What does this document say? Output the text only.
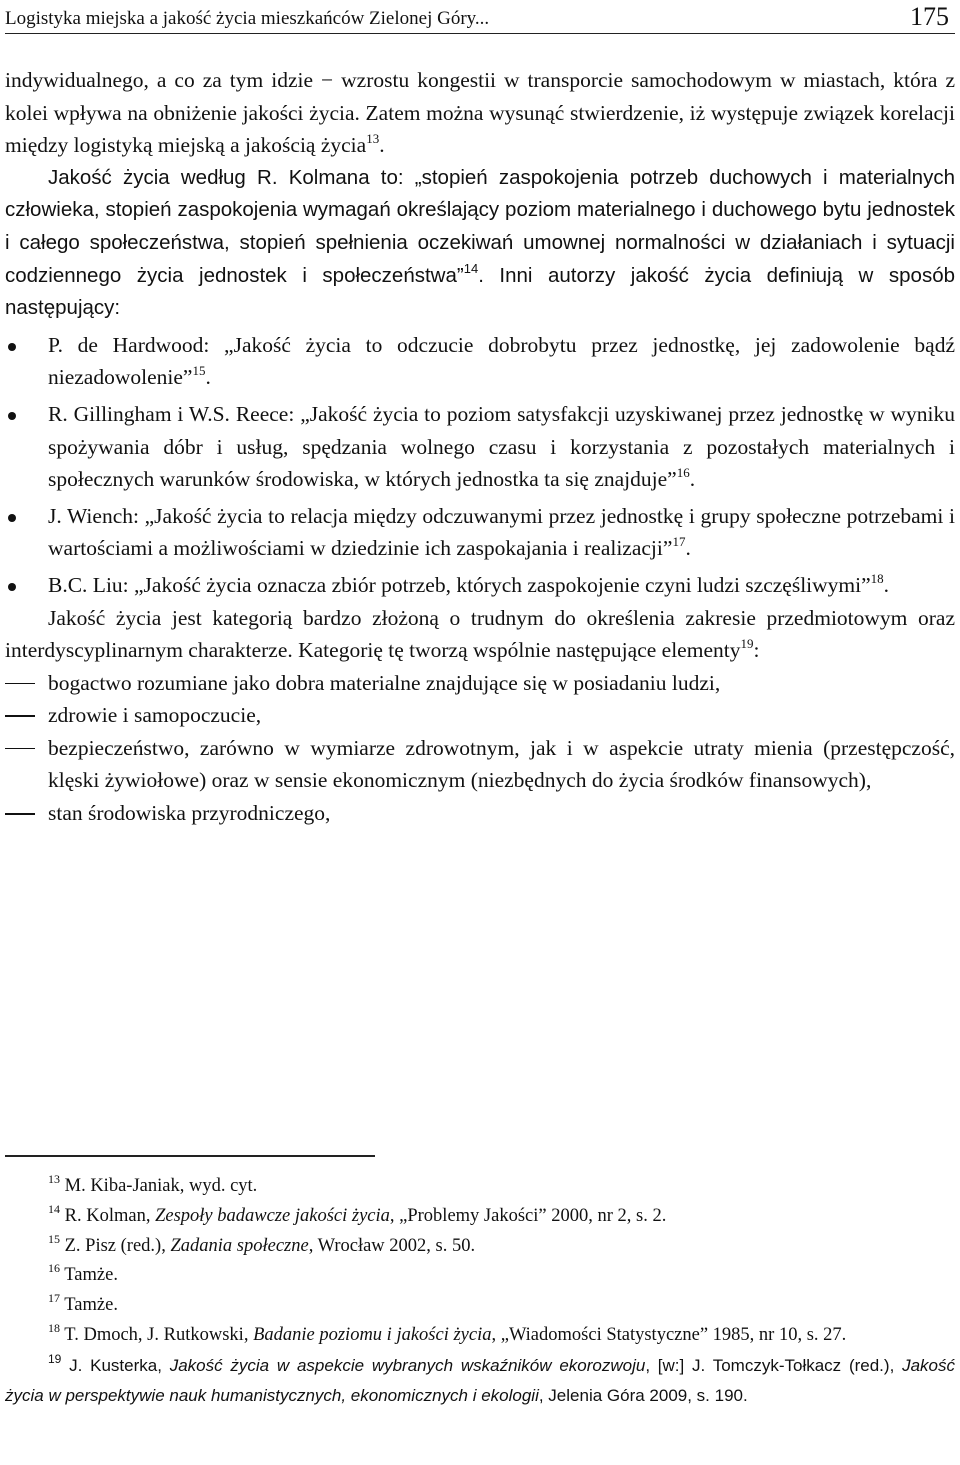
Logistyka miejska a jakość życia mieszkańców Zielonej Góry...	175

indywidualnego, a co za tym idzie − wzrostu kongestii w transporcie samochodowym w miastach, która z kolei wpływa na obniżenie jakości życia. Zatem można wysunąć stwierdzenie, iż występuje związek korelacji między logistyką miejską a jakością życia$^{13}$.

Jakość życia według R. Kolmana to: „stopień zaspokojenia potrzeb duchowych i materialnych człowieka, stopień zaspokojenia wymagań określający poziom materialnego i duchowego bytu jednostek i całego społeczeństwa, stopień spełnienia oczekiwań umownej normalności w działaniach i sytuacji codziennego życia jednostek i społeczeństwa”$^{14}$. Inni autorzy jakość życia definiują w sposób następujący:

P. de Hardwood: „Jakość życia to odczucie dobrobytu przez jednostkę, jej zadowolenie bądź niezadowolenie”$^{15}$.
R. Gillingham i W.S. Reece: „Jakość życia to poziom satysfakcji uzyskiwanej przez jednostkę w wyniku spożywania dóbr i usług, spędzania wolnego czasu i korzystania z pozostałych materialnych i społecznych warunków środowiska, w których jednostka ta się znajduje”$^{16}$.
J. Wiench: „Jakość życia to relacja między odczuwanymi przez jednostkę i grupy społeczne potrzebami i wartościami a możliwościami w dziedzinie ich zaspokajania i realizacji”$^{17}$.
B.C. Liu: „Jakość życia oznacza zbiór potrzeb, których zaspokojenie czyni ludzi szczęśliwymi”$^{18}$.

Jakość życia jest kategorią bardzo złożoną o trudnym do określenia zakresie przedmiotowym oraz interdyscyplinarnym charakterze. Kategorię tę tworzą wspólnie następujące elementy$^{19}$:

bogactwo rozumiane jako dobra materialne znajdujące się w posiadaniu ludzi,
zdrowie i samopoczucie,
bezpieczeństwo, zarówno w wymiarze zdrowotnym, jak i w aspekcie utraty mienia (przestępczość, klęski żywiołowe) oraz w sensie ekonomicznym (niezbędnych do życia środków finansowych),
stan środowiska przyrodniczego,

$^{13}$ M. Kiba-Janiak, wyd. cyt.

$^{14}$ R. Kolman, Zespoły badawcze jakości życia, „Problemy Jakości” 2000, nr 2, s. 2.

$^{15}$ Z. Pisz (red.), Zadania społeczne, Wrocław 2002, s. 50.

$^{16}$ Tamże.

$^{17}$ Tamże.

$^{18}$ T. Dmoch, J. Rutkowski, Badanie poziomu i jakości życia, „Wiadomości Statystyczne” 1985, nr 10, s. 27.

$^{19}$ J. Kusterka, Jakość życia w aspekcie wybranych wskaźników ekorozwoju, [w:] J. Tomczyk-Tołkacz (red.), Jakość życia w perspektywie nauk humanistycznych, ekonomicznych i ekologii, Jelenia Góra 2009, s. 190.
